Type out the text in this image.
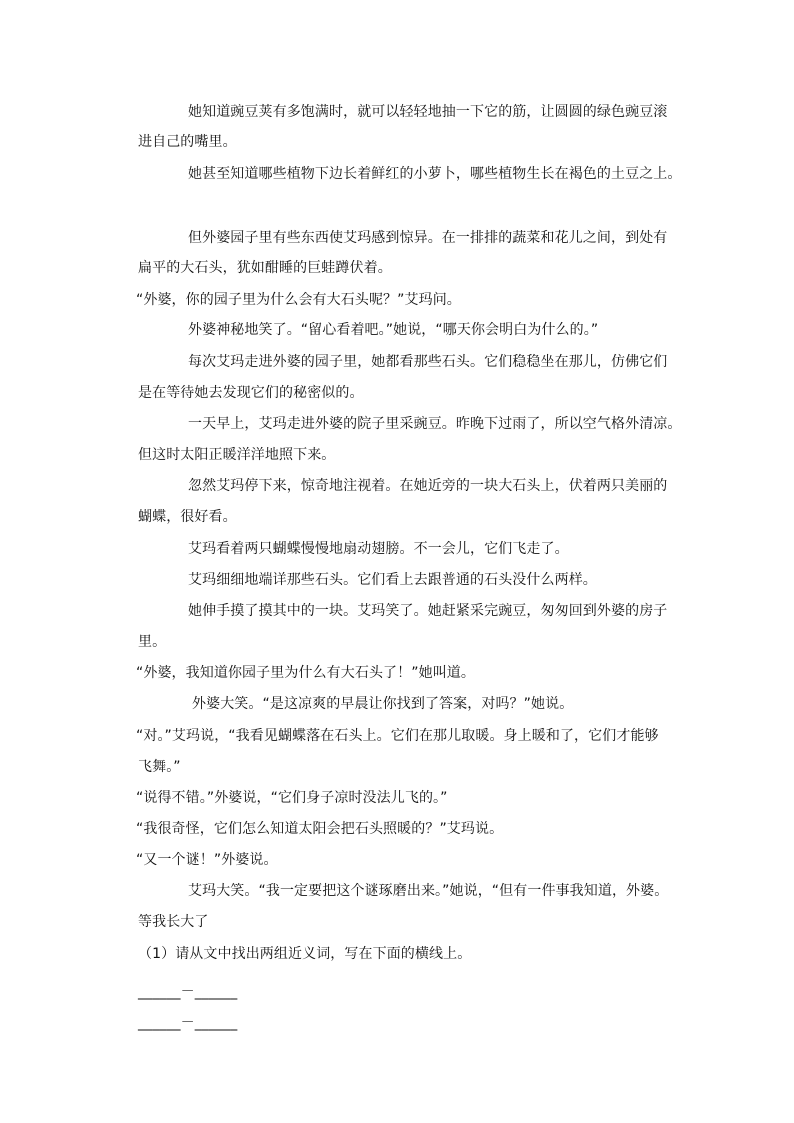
她知道豌豆荚有多饱满时，就可以轻轻地抽一下它的筋，让圆圆的绿色豌豆滚
进自己的嘴里。
她甚至知道哪些植物下边长着鲜红的小萝卜，哪些植物生长在褐色的土豆之上。
但外婆园子里有些东西使艾玛感到惊异。在一排排的蔬菜和花儿之间，到处有
扁平的大石头，犹如酣睡的巨蛙蹲伏着。
“外婆，你的园子里为什么会有大石头呢？”艾玛问。
外婆神秘地笑了。“留心看着吧。”她说，“哪天你会明白为什么的。”
每次艾玛走进外婆的园子里，她都看那些石头。它们稳稳坐在那儿，仿佛它们
是在等待她去发现它们的秘密似的。
一天早上，艾玛走进外婆的院子里采豌豆。昨晚下过雨了，所以空气格外清凉。
但这时太阳正暖洋洋地照下来。
忽然艾玛停下来，惊奇地注视着。在她近旁的一块大石头上，伏着两只美丽的
蝴蝶，很好看。
艾玛看着两只蝴蝶慢慢地扇动翅膀。不一会儿，它们飞走了。
艾玛细细地端详那些石头。它们看上去跟普通的石头没什么两样。
她伸手摸了摸其中的一块。艾玛笑了。她赶紧采完豌豆，匆匆回到外婆的房子
里。
“外婆，我知道你园子里为什么有大石头了！”她叫道。
外婆大笑。“是这凉爽的早晨让你找到了答案，对吗？”她说。
“对。”艾玛说，“我看见蝴蝶落在石头上。它们在那儿取暖。身上暖和了，它们才能够
飞舞。”
“说得不错。”外婆说，“它们身子凉时没法儿飞的。”
“我很奇怪，它们怎么知道太阳会把石头照暖的？”艾玛说。
“又一个谜！”外婆说。
艾玛大笑。“我一定要把这个谜琢磨出来。”她说，“但有一件事我知道，外婆。
等我长大了
（1）请从文中找出两组近义词，写在下面的横线上。
______－______
______－______
